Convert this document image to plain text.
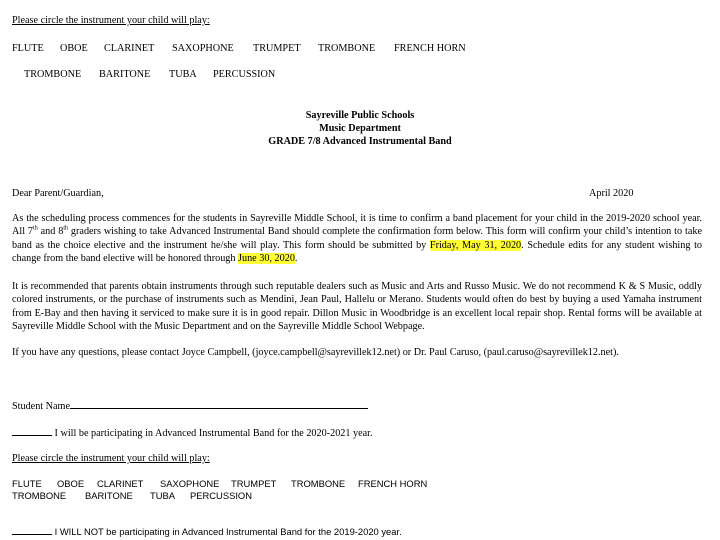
Please circle the instrument your child will play:
FLUTE OBOE CLARINET SAXOPHONE TRUMPET TROMBONE FRENCH HORN
TROMBONE BARITONE TUBA PERCUSSION
Sayreville Public Schools
Music Department
GRADE 7/8 Advanced Instrumental Band
Dear Parent/Guardian,	April 2020
As the scheduling process commences for the students in Sayreville Middle School, it is time to confirm a band placement for your child in the 2019-2020 school year. All 7th and 8th graders wishing to take Advanced Instrumental Band should complete the confirmation form below. This form will confirm your child’s intention to take band as the choice elective and the instrument he/she will play. This form should be submitted by Friday, May 31, 2020. Schedule edits for any student wishing to change from the band elective will be honored through June 30, 2020.
It is recommended that parents obtain instruments through such reputable dealers such as Music and Arts and Russo Music. We do not recommend K & S Music, oddly colored instruments, or the purchase of instruments such as Mendini, Jean Paul, Hallelu or Merano. Students would often do best by buying a used Yamaha instrument from E-Bay and then having it serviced to make sure it is in good repair. Dillon Music in Woodbridge is an excellent local repair shop. Rental forms will be available at Sayreville Middle School with the Music Department and on the Sayreville Middle School Webpage.
If you have any questions, please contact Joyce Campbell, (joyce.campbell@sayrevillek12.net) or Dr. Paul Caruso, (paul.caruso@sayrevillek12.net).
Student Name
I will be participating in Advanced Instrumental Band for the 2020-2021 year.
Please circle the instrument your child will play:
FLUTE OBOE CLARINET SAXOPHONE TRUMPET TROMBONE FRENCH HORN
TROMBONE BARITONE TUBA PERCUSSION
I WILL NOT be participating in Advanced Instrumental Band for the 2019-2020 year.
